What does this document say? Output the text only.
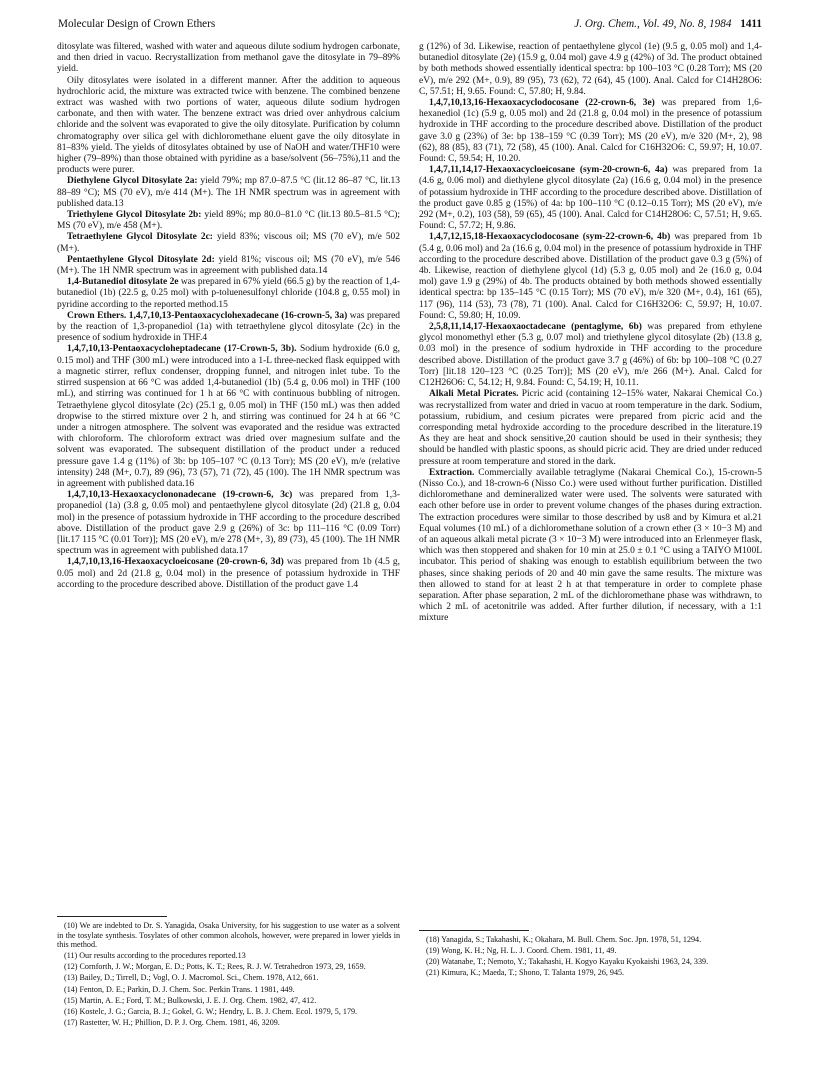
Molecular Design of Crown Ethers	J. Org. Chem., Vol. 49, No. 8, 1984 1411

ditosylate was filtered, washed with water and aqueous dilute sodium hydrogen carbonate, and then dried in vacuo. Recrystallization from methanol gave the ditosylate in 79–89% yield.

Oily ditosylates were isolated in a different manner. After the addition to aqueous hydrochloric acid, the mixture was extracted twice with benzene. The combined benzene extract was washed with two portions of water, aqueous dilute sodium hydrogen carbonate, and then with water. The benzene extract was dried over anhydrous calcium chloride and the solvent was evaporated to give the oily ditosylate. Purification by column chromatography over silica gel with dichloromethane eluent gave the oily ditosylate in 81–83% yield. The yields of ditosylates obtained by use of NaOH and water/THF10 were higher (79–89%) than those obtained with pyridine as a base/solvent (56–75%),11 and the products were purer.

Diethylene Glycol Ditosylate 2a: yield 79%; mp 87.0–87.5 °C (lit.12 86–87 °C, lit.13 88–89 °C); MS (70 eV), m/e 414 (M+). The 1H NMR spectrum was in agreement with published data.13

Triethylene Glycol Ditosylate 2b: yield 89%; mp 80.0–81.0 °C (lit.13 80.5–81.5 °C); MS (70 eV), m/e 458 (M+).

Tetraethylene Glycol Ditosylate 2c: yield 83%; viscous oil; MS (70 eV), m/e 502 (M+).

Pentaethylene Glycol Ditosylate 2d: yield 81%; viscous oil; MS (70 eV), m/e 546 (M+). The 1H NMR spectrum was in agreement with published data.14

1,4-Butanediol ditosylate 2e was prepared in 67% yield (66.5 g) by the reaction of 1,4-butanediol (1b) (22.5 g, 0.25 mol) with p-toluenesulfonyl chloride (104.8 g, 0.55 mol) in pyridine according to the reported method.15

Crown Ethers. 1,4,7,10,13-Pentaoxacyclohexadecane (16-crown-5, 3a) was prepared by the reaction of 1,3-propanediol (1a) with tetraethylene glycol ditosylate (2c) in the presence of sodium hydroxide in THF.4

1,4,7,10,13-Pentaoxacycloheptadecane (17-Crown-5, 3b). Sodium hydroxide (6.0 g, 0.15 mol) and THF (300 mL) were introduced into a 1-L three-necked flask equipped with a magnetic stirrer, reflux condenser, dropping funnel, and nitrogen inlet tube. To the stirred suspension at 66 °C was added 1,4-butanediol (1b) (5.4 g, 0.06 mol) in THF (100 mL), and stirring was continued for 1 h at 66 °C with continuous bubbling of nitrogen. Tetraethylene glycol ditosylate (2c) (25.1 g, 0.05 mol) in THF (150 mL) was then added dropwise to the stirred mixture over 2 h, and stirring was continued for 24 h at 66 °C under a nitrogen atmosphere. The solvent was evaporated and the residue was extracted with chloroform. The chloroform extract was dried over magnesium sulfate and the solvent was evaporated. The subsequent distillation of the product under a reduced pressure gave 1.4 g (11%) of 3b: bp 105–107 °C (0.13 Torr); MS (20 eV), m/e (relative intensity) 248 (M+, 0.7), 89 (96), 73 (57), 71 (72), 45 (100). The 1H NMR spectrum was in agreement with published data.16

1,4,7,10,13-Hexaoxacyclononadecane (19-crown-6, 3c) was prepared from 1,3-propanediol (1a) (3.8 g, 0.05 mol) and pentaethylene glycol ditosylate (2d) (21.8 g, 0.04 mol) in the presence of potassium hydroxide in THF according to the procedure described above. Distillation of the product gave 2.9 g (26%) of 3c: bp 111–116 °C (0.09 Torr) [lit.17 115 °C (0.01 Torr)]; MS (20 eV), m/e 278 (M+, 3), 89 (73), 45 (100). The 1H NMR spectrum was in agreement with published data.17

1,4,7,10,13,16-Hexaoxacycloeicosane (20-crown-6, 3d) was prepared from 1b (4.5 g, 0.05 mol) and 2d (21.8 g, 0.04 mol) in the presence of potassium hydroxide in THF according to the procedure described above. Distillation of the product gave 1.4

g (12%) of 3d. Likewise, reaction of pentaethylene glycol (1e) (9.5 g, 0.05 mol) and 1,4-butanediol ditosylate (2e) (15.9 g, 0.04 mol) gave 4.9 g (42%) of 3d. The product obtained by both methods showed essentially identical spectra: bp 100–103 °C (0.28 Torr); MS (20 eV), m/e 292 (M+, 0.9), 89 (95), 73 (62), 72 (64), 45 (100). Anal. Calcd for C14H28O6: C, 57.51; H, 9.65. Found: C, 57.80; H, 9.84.

1,4,7,10,13,16-Hexaoxacyclodocosane (22-crown-6, 3e) was prepared from 1,6-hexanediol (1c) (5.9 g, 0.05 mol) and 2d (21.8 g, 0.04 mol) in the presence of potassium hydroxide in THF according to the procedure described above. Distillation of the product gave 3.0 g (23%) of 3e: bp 138–159 °C (0.39 Torr); MS (20 eV), m/e 320 (M+, 2), 98 (62), 88 (85), 83 (71), 72 (58), 45 (100). Anal. Calcd for C16H32O6: C, 59.97; H, 10.07. Found: C, 59.54; H, 10.20.

1,4,7,11,14,17-Hexaoxacycloeicosane (sym-20-crown-6, 4a) was prepared from 1a (4.6 g, 0.06 mol) and diethylene glycol ditosylate (2a) (16.6 g, 0.04 mol) in the presence of potassium hydroxide in THF according to the procedure described above. Distillation of the product gave 0.85 g (15%) of 4a: bp 100–110 °C (0.12–0.15 Torr); MS (20 eV), m/e 292 (M+, 0.2), 103 (58), 59 (65), 45 (100). Anal. Calcd for C14H28O6: C, 57.51; H, 9.65. Found: C, 57.72; H, 9.86.

1,4,7,12,15,18-Hexaoxacyclodocosane (sym-22-crown-6, 4b) was prepared from 1b (5.4 g, 0.06 mol) and 2a (16.6 g, 0.04 mol) in the presence of potassium hydroxide in THF according to the procedure described above. Distillation of the product gave 0.3 g (5%) of 4b. Likewise, reaction of diethylene glycol (1d) (5.3 g, 0.05 mol) and 2e (16.0 g, 0.04 mol) gave 1.9 g (29%) of 4b. The products obtained by both methods showed essentially identical spectra: bp 135–145 °C (0.15 Torr); MS (70 eV), m/e 320 (M+, 0.4), 161 (65), 117 (96), 114 (53), 73 (78), 71 (100). Anal. Calcd for C16H32O6: C, 59.97; H, 10.07. Found: C, 59.80; H, 10.09.

2,5,8,11,14,17-Hexaoxaoctadecane (pentaglyme, 6b) was prepared from ethylene glycol monomethyl ether (5.3 g, 0.07 mol) and triethylene glycol ditosylate (2b) (13.8 g, 0.03 mol) in the presence of sodium hydroxide in THF according to the procedure described above. Distillation of the product gave 3.7 g (46%) of 6b: bp 100–108 °C (0.27 Torr) [lit.18 120–123 °C (0.25 Torr)]; MS (20 eV), m/e 266 (M+). Anal. Calcd for C12H26O6: C, 54.12; H, 9.84. Found: C, 54.19; H, 10.11.

Alkali Metal Picrates. Picric acid (containing 12–15% water, Nakarai Chemical Co.) was recrystallized from water and dried in vacuo at room temperature in the dark. Sodium, potassium, rubidium, and cesium picrates were prepared from picric acid and the corresponding metal hydroxide according to the procedure described in the literature.19 As they are heat and shock sensitive,20 caution should be used in their synthesis; they should be handled with plastic spoons, as should picric acid. They are dried under reduced pressure at room temperature and stored in the dark.

Extraction. Commercially available tetraglyme (Nakarai Chemical Co.), 15-crown-5 (Nisso Co.), and 18-crown-6 (Nisso Co.) were used without further purification. Distilled dichloromethane and demineralized water were used. The solvents were saturated with each other before use in order to prevent volume changes of the phases during extraction. The extraction procedures were similar to those described by us8 and by Kimura et al.21 Equal volumes (10 mL) of a dichloromethane solution of a crown ether (3 × 10−3 M) and of an aqueous alkali metal picrate (3 × 10−3 M) were introduced into an Erlenmeyer flask, which was then stoppered and shaken for 10 min at 25.0 ± 0.1 °C using a TAIYO M100L incubator. This period of shaking was enough to establish equilibrium between the two phases, since shaking periods of 20 and 40 min gave the same results. The mixture was then allowed to stand for at least 2 h at that temperature in order to complete phase separation. After phase separation, 2 mL of the dichloromethane phase was withdrawn, to which 2 mL of acetonitrile was added. After further dilution, if necessary, with a 1:1 mixture

(10) We are indebted to Dr. S. Yanagida, Osaka University, for his suggestion to use water as a solvent in the tosylate synthesis. Tosylates of other common alcohols, however, were prepared in lower yields in this method.

(11) Our results according to the procedures reported.13

(12) Cornforth, J. W.; Morgan, E. D.; Potts, K. T.; Rees, R. J. W. Tetrahedron 1973, 29, 1659.

(13) Bailey, D.; Tirrell, D.; Vogl, O. J. Macromol. Sci., Chem. 1978, A12, 661.

(14) Fenton, D. E.; Parkin, D. J. Chem. Soc. Perkin Trans. 1 1981, 449.

(15) Martin, A. E.; Ford, T. M.; Bulkowski, J. E. J. Org. Chem. 1982, 47, 412.

(16) Kostelc, J. G.; Garcia, B. J.; Gokel, G. W.; Hendry, L. B. J. Chem. Ecol. 1979, 5, 179.

(17) Rastetter, W. H.; Phillion, D. P. J. Org. Chem. 1981, 46, 3209.

(18) Yanagida, S.; Takahashi, K.; Okahara, M. Bull. Chem. Soc. Jpn. 1978, 51, 1294.

(19) Wong, K. H.; Ng, H. L. J. Coord. Chem. 1981, 11, 49.

(20) Watanabe, T.; Nemoto, Y.; Takahashi, H. Kogyo Kayaku Kyokaishi 1963, 24, 339.

(21) Kimura, K.; Maeda, T.; Shono, T. Talanta 1979, 26, 945.
